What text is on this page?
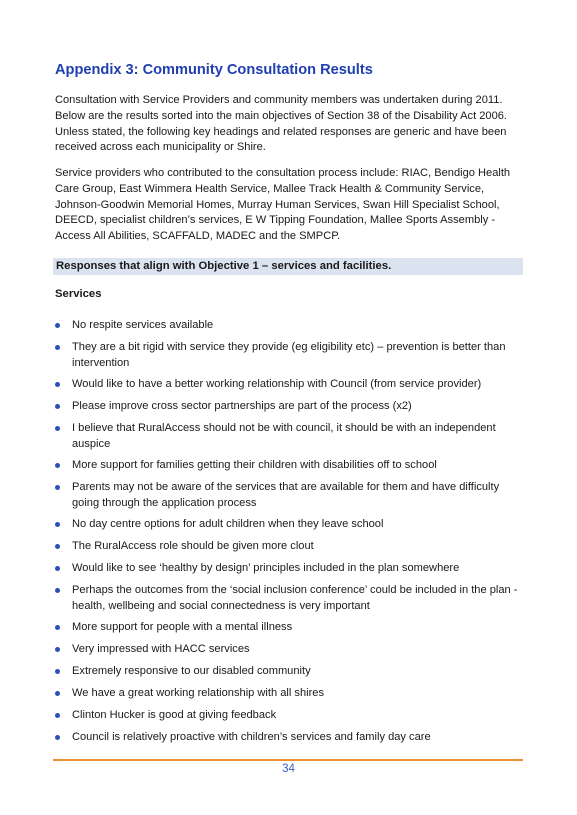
Appendix 3: Community Consultation Results

Consultation with Service Providers and community members was undertaken during 2011. Below are the results sorted into the main objectives of Section 38 of the Disability Act 2006. Unless stated, the following key headings and related responses are generic and have been received across each municipality or Shire.

Service providers who contributed to the consultation process include: RIAC, Bendigo Health Care Group, East Wimmera Health Service, Mallee Track Health & Community Service, Johnson-Goodwin Memorial Homes, Murray Human Services, Swan Hill Specialist School, DEECD, specialist children’s services, E W Tipping Foundation, Mallee Sports Assembly - Access All Abilities, SCAFFALD, MADEC and the SMPCP.

Responses that align with Objective 1 – services and facilities.
Services
No respite services available
They are a bit rigid with service they provide (eg eligibility etc) – prevention is better than intervention
Would like to have a better working relationship with Council (from service provider)
Please improve cross sector partnerships are part of the process (x2)
I believe that RuralAccess should not be with council, it should be with an independent auspice
More support for families getting their children with disabilities off to school
Parents may not be aware of the services that are available for them and have difficulty going through the application process
No day centre options for adult children when they leave school
The RuralAccess role should be given more clout
Would like to see ‘healthy by design’ principles included in the plan somewhere
Perhaps the outcomes from the ‘social inclusion conference’ could be included in the plan - health, wellbeing and social connectedness is very important
More support for people with a mental illness
Very impressed with HACC services
Extremely responsive to our disabled community
We have a great working relationship with all shires
Clinton Hucker is good at giving feedback
Council is relatively proactive with children’s services and family day care
34
